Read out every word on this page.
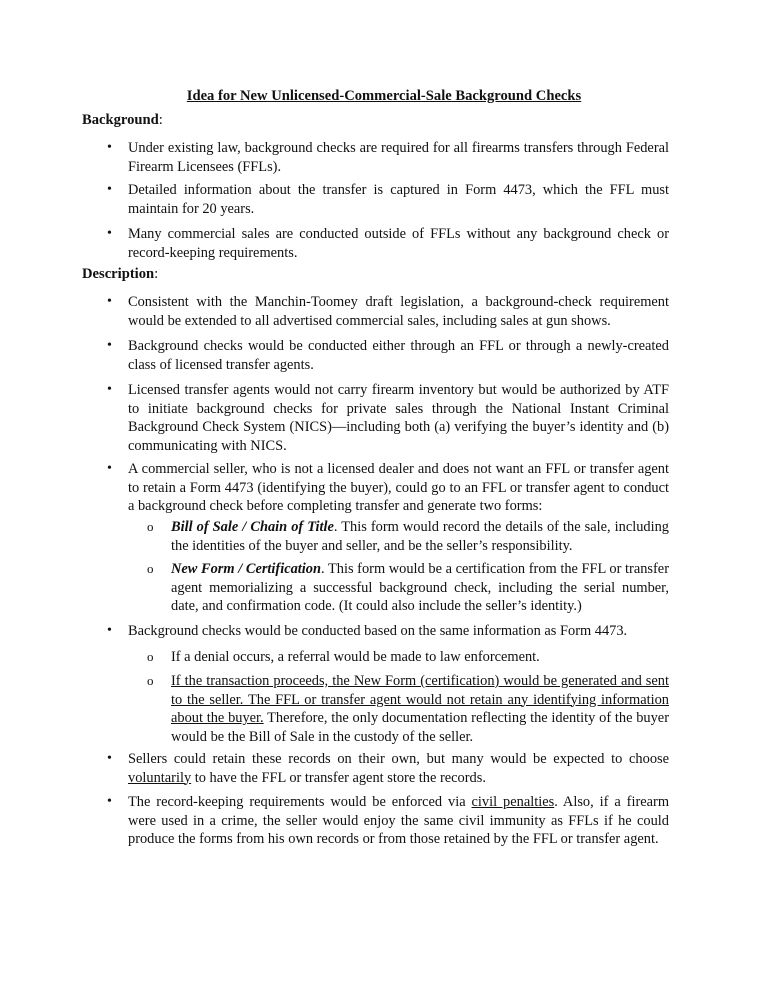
Idea for New Unlicensed-Commercial-Sale Background Checks
Background:
• Under existing law, background checks are required for all firearms transfers through Federal Firearm Licensees (FFLs).
• Detailed information about the transfer is captured in Form 4473, which the FFL must maintain for 20 years.
• Many commercial sales are conducted outside of FFLs without any background check or record-keeping requirements.
Description:
• Consistent with the Manchin-Toomey draft legislation, a background-check requirement would be extended to all advertised commercial sales, including sales at gun shows.
• Background checks would be conducted either through an FFL or through a newly-created class of licensed transfer agents.
• Licensed transfer agents would not carry firearm inventory but would be authorized by ATF to initiate background checks for private sales through the National Instant Criminal Background Check System (NICS)—including both (a) verifying the buyer’s identity and (b) communicating with NICS.
• A commercial seller, who is not a licensed dealer and does not want an FFL or transfer agent to retain a Form 4473 (identifying the buyer), could go to an FFL or transfer agent to conduct a background check before completing transfer and generate two forms:
o Bill of Sale / Chain of Title. This form would record the details of the sale, including the identities of the buyer and seller, and be the seller’s responsibility.
o New Form / Certification. This form would be a certification from the FFL or transfer agent memorializing a successful background check, including the serial number, date, and confirmation code. (It could also include the seller’s identity.)
• Background checks would be conducted based on the same information as Form 4473.
o If a denial occurs, a referral would be made to law enforcement.
o If the transaction proceeds, the New Form (certification) would be generated and sent to the seller. The FFL or transfer agent would not retain any identifying information about the buyer. Therefore, the only documentation reflecting the identity of the buyer would be the Bill of Sale in the custody of the seller.
• Sellers could retain these records on their own, but many would be expected to choose voluntarily to have the FFL or transfer agent store the records.
• The record-keeping requirements would be enforced via civil penalties. Also, if a firearm were used in a crime, the seller would enjoy the same civil immunity as FFLs if he could produce the forms from his own records or from those retained by the FFL or transfer agent.
